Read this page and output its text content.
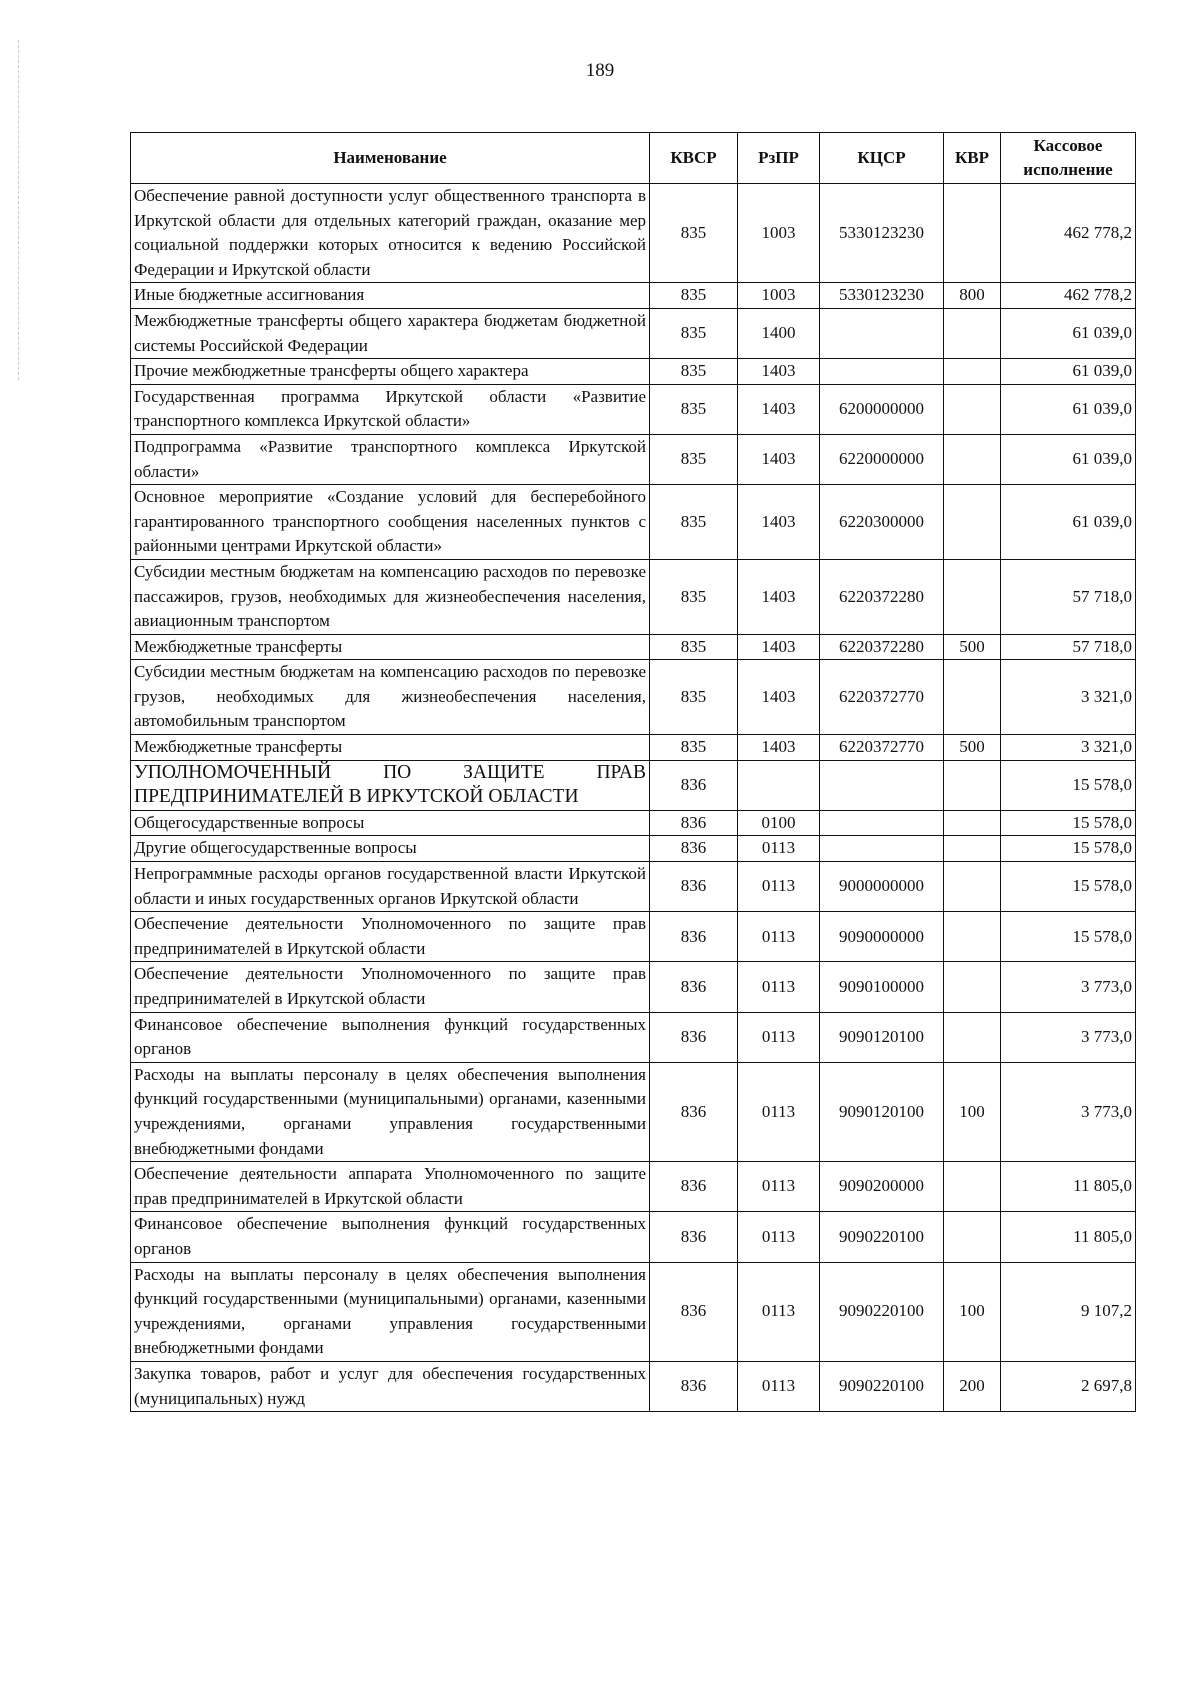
189
Наименование	КВСР	РзПР	КЦСР	КВР	Кассовое исполнение
Обеспечение равной доступности услуг общественного транспорта в Иркутской области для отдельных категорий граждан, оказание мер социальной поддержки которых относится к ведению Российской Федерации и Иркутской области	835	1003	5330123230		462 778,2
Иные бюджетные ассигнования	835	1003	5330123230	800	462 778,2
Межбюджетные трансферты общего характера бюджетам бюджетной системы Российской Федерации	835	1400			61 039,0
Прочие межбюджетные трансферты общего характера	835	1403			61 039,0
Государственная программа Иркутской области «Развитие транспортного комплекса Иркутской области»	835	1403	6200000000		61 039,0
Подпрограмма «Развитие транспортного комплекса Иркутской области»	835	1403	6220000000		61 039,0
Основное мероприятие «Создание условий для бесперебойного гарантированного транспортного сообщения населенных пунктов с районными центрами Иркутской области»	835	1403	6220300000		61 039,0
Субсидии местным бюджетам на компенсацию расходов по перевозке пассажиров, грузов, необходимых для жизнеобеспечения населения, авиационным транспортом	835	1403	6220372280		57 718,0
Межбюджетные трансферты	835	1403	6220372280	500	57 718,0
Субсидии местным бюджетам на компенсацию расходов по перевозке грузов, необходимых для жизнеобеспечения населения, автомобильным транспортом	835	1403	6220372770		3 321,0
Межбюджетные трансферты	835	1403	6220372770	500	3 321,0
УПОЛНОМОЧЕННЫЙ ПО ЗАЩИТЕ ПРАВ ПРЕДПРИНИМАТЕЛЕЙ В ИРКУТСКОЙ ОБЛАСТИ	836				15 578,0
Общегосударственные вопросы	836	0100			15 578,0
Другие общегосударственные вопросы	836	0113			15 578,0
Непрограммные расходы органов государственной власти Иркутской области и иных государственных органов Иркутской области	836	0113	9000000000		15 578,0
Обеспечение деятельности Уполномоченного по защите прав предпринимателей в Иркутской области	836	0113	9090000000		15 578,0
Обеспечение деятельности Уполномоченного по защите прав предпринимателей в Иркутской области	836	0113	9090100000		3 773,0
Финансовое обеспечение выполнения функций государственных органов	836	0113	9090120100		3 773,0
Расходы на выплаты персоналу в целях обеспечения выполнения функций государственными (муниципальными) органами, казенными учреждениями, органами управления государственными внебюджетными фондами	836	0113	9090120100	100	3 773,0
Обеспечение деятельности аппарата Уполномоченного по защите прав предпринимателей в Иркутской области	836	0113	9090200000		11 805,0
Финансовое обеспечение выполнения функций государственных органов	836	0113	9090220100		11 805,0
Расходы на выплаты персоналу в целях обеспечения выполнения функций государственными (муниципальными) органами, казенными учреждениями, органами управления государственными внебюджетными фондами	836	0113	9090220100	100	9 107,2
Закупка товаров, работ и услуг для обеспечения государственных (муниципальных) нужд	836	0113	9090220100	200	2 697,8
